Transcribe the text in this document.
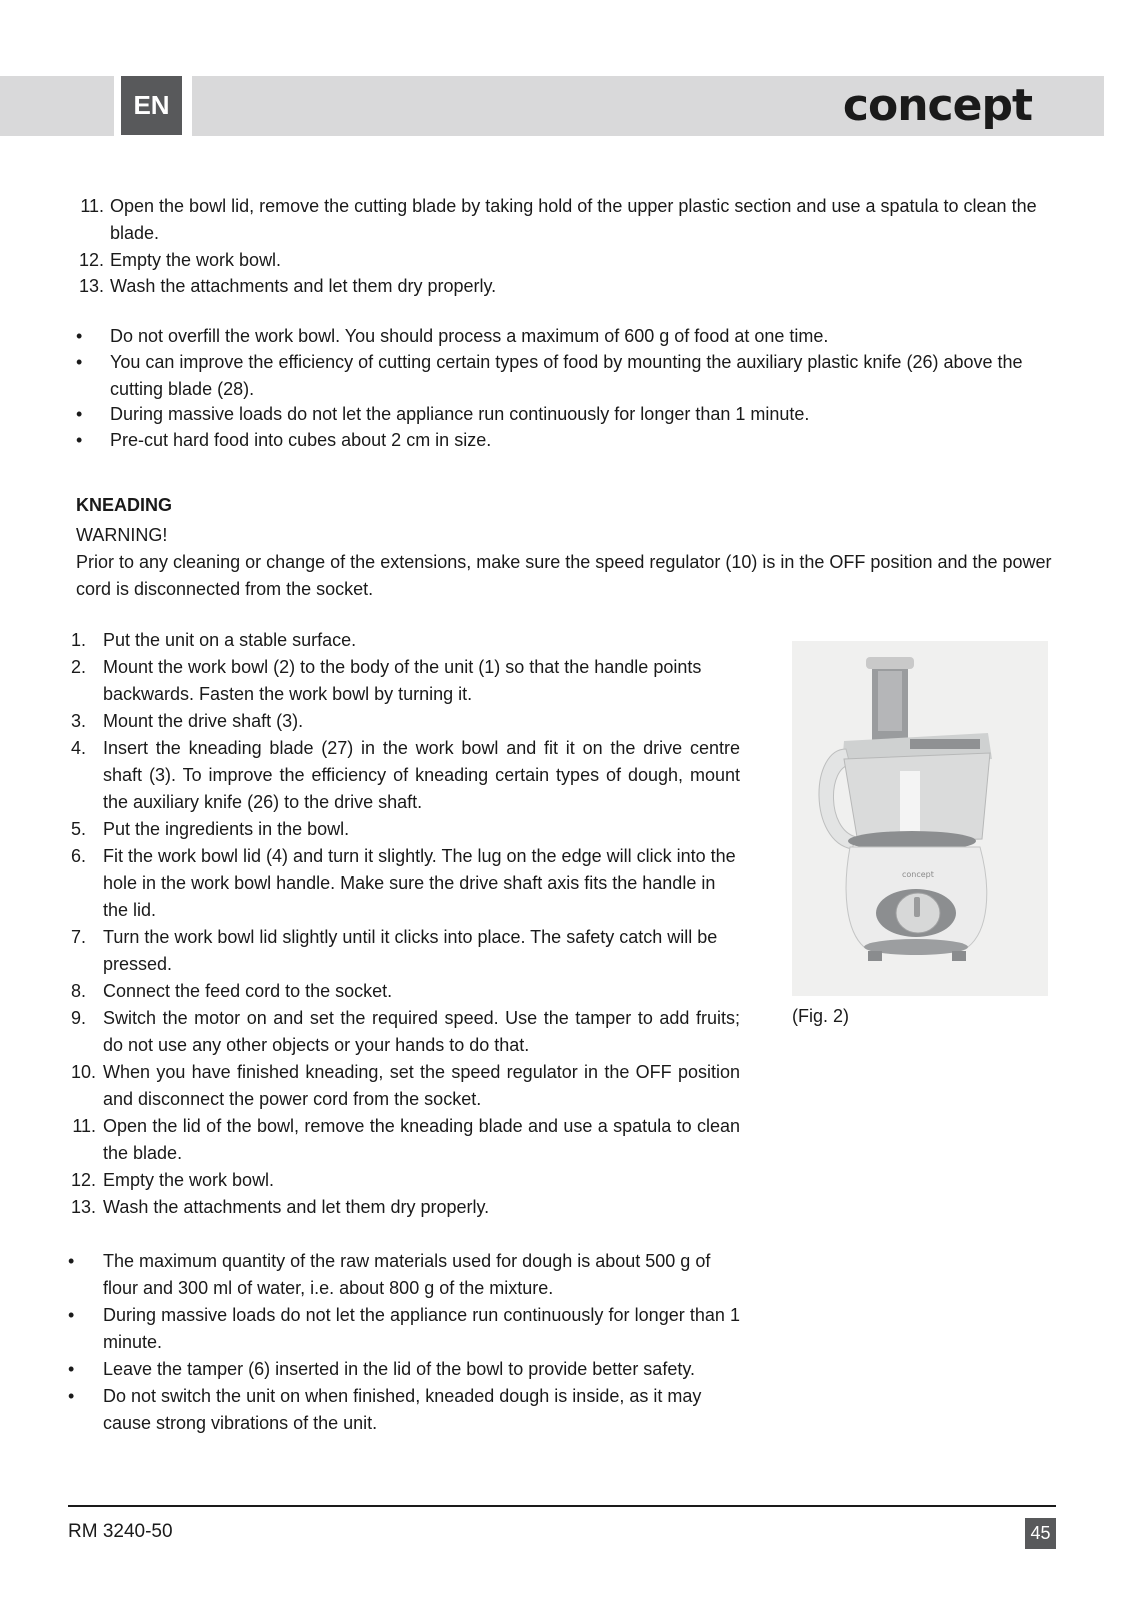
EN	concept
11. Open the bowl lid, remove the cutting blade by taking hold of the upper plastic section and use a spatula to clean the blade.
12. Empty the work bowl.
13. Wash the attachments and let them dry properly.
• Do not overfill the work bowl. You should process a maximum of 600 g of food at one time.
• You can improve the efficiency of cutting certain types of food by mounting the auxiliary plastic knife (26) above the cutting blade (28).
• During massive loads do not let the appliance run continuously for longer than 1 minute.
• Pre-cut hard food into cubes about 2 cm in size.
KNEADING
WARNING!
Prior to any cleaning or change of the extensions, make sure the speed regulator (10) is in the OFF position and the power cord is disconnected from the socket.
1. Put the unit on a stable surface.
2. Mount the work bowl (2) to the body of the unit (1) so that the handle points backwards. Fasten the work bowl by turning it.
3. Mount the drive shaft (3).
4. Insert the kneading blade (27) in the work bowl and fit it on the drive centre shaft (3). To improve the efficiency of kneading certain types of dough, mount the auxiliary knife (26) to the drive shaft.
5. Put the ingredients in the bowl.
6. Fit the work bowl lid (4) and turn it slightly. The lug on the edge will click into the hole in the work bowl handle. Make sure the drive shaft axis fits the handle in the lid.
7. Turn the work bowl lid slightly until it clicks into place. The safety catch will be pressed.
8. Connect the feed cord to the socket.
9. Switch the motor on and set the required speed. Use the tamper to add fruits; do not use any other objects or your hands to do that.
10. When you have finished kneading, set the speed regulator in the OFF position and disconnect the power cord from the socket.
11. Open the lid of the bowl, remove the kneading blade and use a spatula to clean the blade.
12. Empty the work bowl.
13. Wash the attachments and let them dry properly.
• The maximum quantity of the raw materials used for dough is about 500 g of flour and 300 ml of water, i.e. about 800 g of the mixture.
• During massive loads do not let the appliance run continuously for longer than 1 minute.
• Leave the tamper (6) inserted in the lid of the bowl to provide better safety.
• Do not switch the unit on when finished, kneaded dough is inside, as it may cause strong vibrations of the unit.
concept
(Fig. 2)
RM 3240-50	45
